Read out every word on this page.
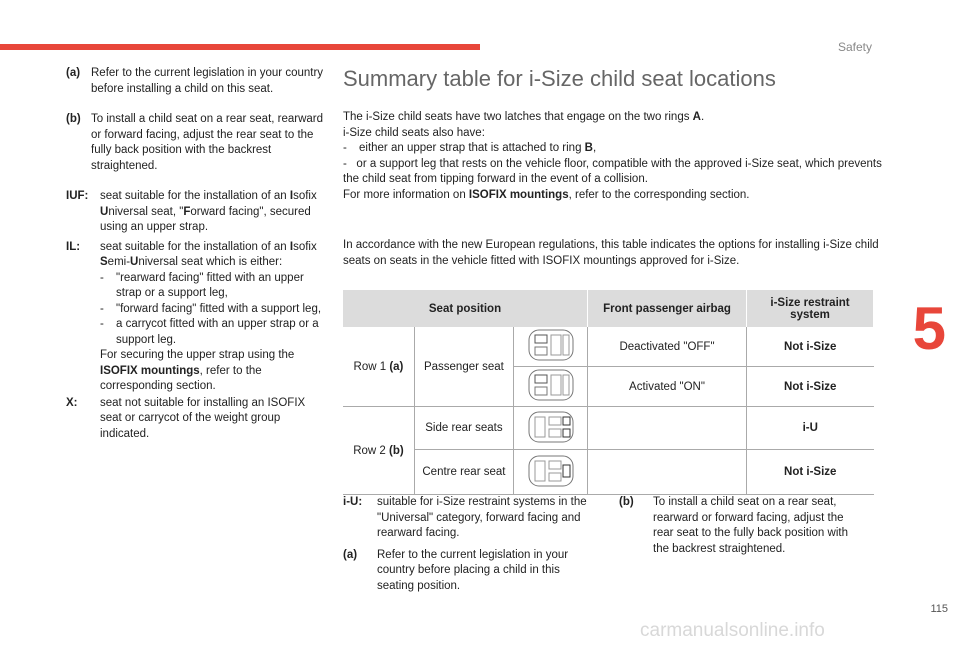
Safety
5
115
carmanualsonline.info
(a) Refer to the current legislation in your country before installing a child on this seat.
(b) To install a child seat on a rear seat, rearward or forward facing, adjust the rear seat to the fully back position with the backrest straightened.
IUF:	seat suitable for the installation of an Isofix Universal seat, "Forward facing", secured using an upper strap.
IL:	seat suitable for the installation of an Isofix Semi-Universal seat which is either:
-	"rearward facing" fitted with an upper strap or a support leg,
-	"forward facing" fitted with a support leg,
-	a carrycot fitted with an upper strap or a support leg.
For securing the upper strap using the ISOFIX mountings, refer to the corresponding section.
X:	seat not suitable for installing an ISOFIX seat or carrycot of the weight group indicated.
Summary table for i-Size child seat locations
The i-Size child seats have two latches that engage on the two rings A.
i-Size child seats also have:
-	either an upper strap that is attached to ring B,
-   or a support leg that rests on the vehicle floor, compatible with the approved i-Size seat, which prevents the child seat from tipping forward in the event of a collision.
For more information on ISOFIX mountings, refer to the corresponding section.
In accordance with the new European regulations, this table indicates the options for installing i-Size child seats on seats in the vehicle fitted with ISOFIX mountings approved for i-Size.
Seat position			Front passenger airbag	i-Size restraint system
Row 1 (a)	Passenger seat		Deactivated "OFF"	Not i-Size
	Activated "ON"	Not i-Size
Row 2 (b)	Side rear seats			i-U
	Centre rear seat			Not i-Size
i-U:	suitable for i-Size restraint systems in the "Universal" category, forward facing and rearward facing.
(a)	Refer to the current legislation in your country before placing a child in this seating position.
(b)	To install a child seat on a rear seat, rearward or forward facing, adjust the rear seat to the fully back position with the backrest straightened.
